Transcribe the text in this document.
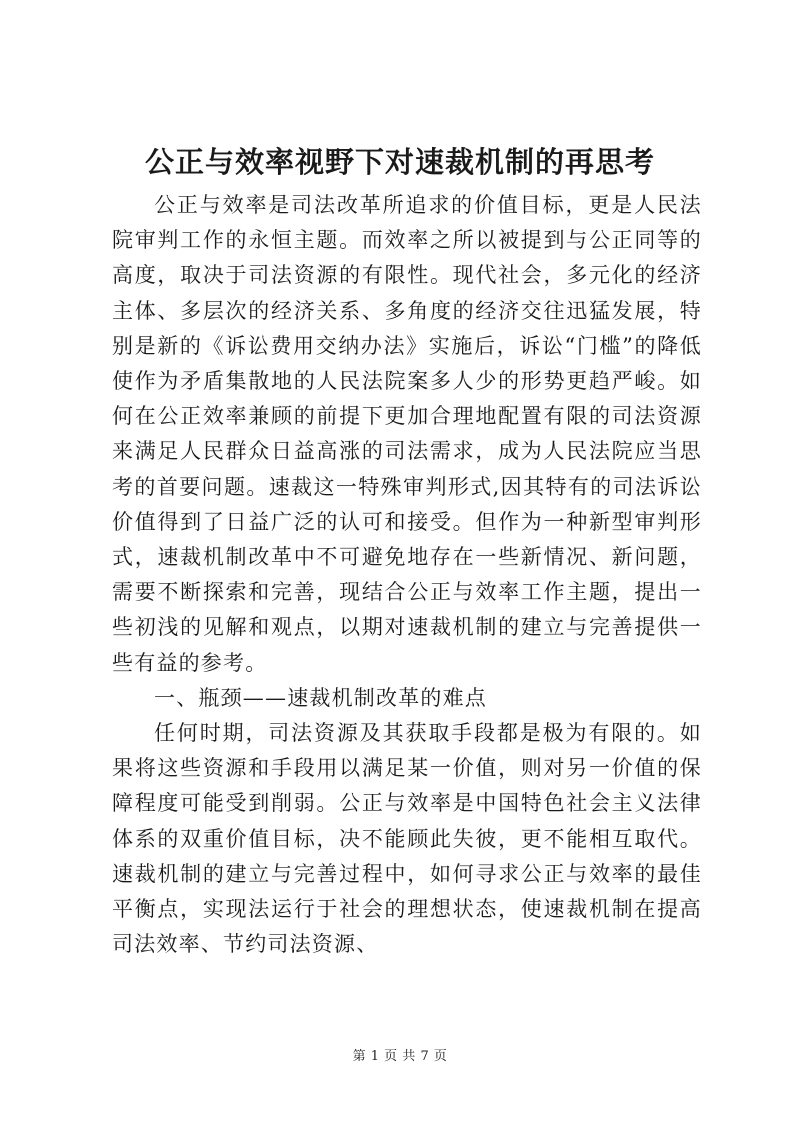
公正与效率视野下对速裁机制的再思考

公正与效率是司法改革所追求的价值目标，更是人民法院审判工作的永恒主题。而效率之所以被提到与公正同等的高度，取决于司法资源的有限性。现代社会，多元化的经济主体、多层次的经济关系、多角度的经济交往迅猛发展，特别是新的《诉讼费用交纳办法》实施后，诉讼“门槛”的降低使作为矛盾集散地的人民法院案多人少的形势更趋严峻。如何在公正效率兼顾的前提下更加合理地配置有限的司法资源来满足人民群众日益高涨的司法需求，成为人民法院应当思考的首要问题。速裁这一特殊审判形式,因其特有的司法诉讼价值得到了日益广泛的认可和接受。但作为一种新型审判形式，速裁机制改革中不可避免地存在一些新情况、新问题，需要不断探索和完善，现结合公正与效率工作主题，提出一些初浅的见解和观点，以期对速裁机制的建立与完善提供一些有益的参考。

一、瓶颈——速裁机制改革的难点

任何时期，司法资源及其获取手段都是极为有限的。如果将这些资源和手段用以满足某一价值，则对另一价值的保障程度可能受到削弱。公正与效率是中国特色社会主义法律体系的双重价值目标，决不能顾此失彼，更不能相互取代。速裁机制的建立与完善过程中，如何寻求公正与效率的最佳平衡点，实现法运行于社会的理想状态，使速裁机制在提高司法效率、节约司法资源、

第 1 页 共 7 页
